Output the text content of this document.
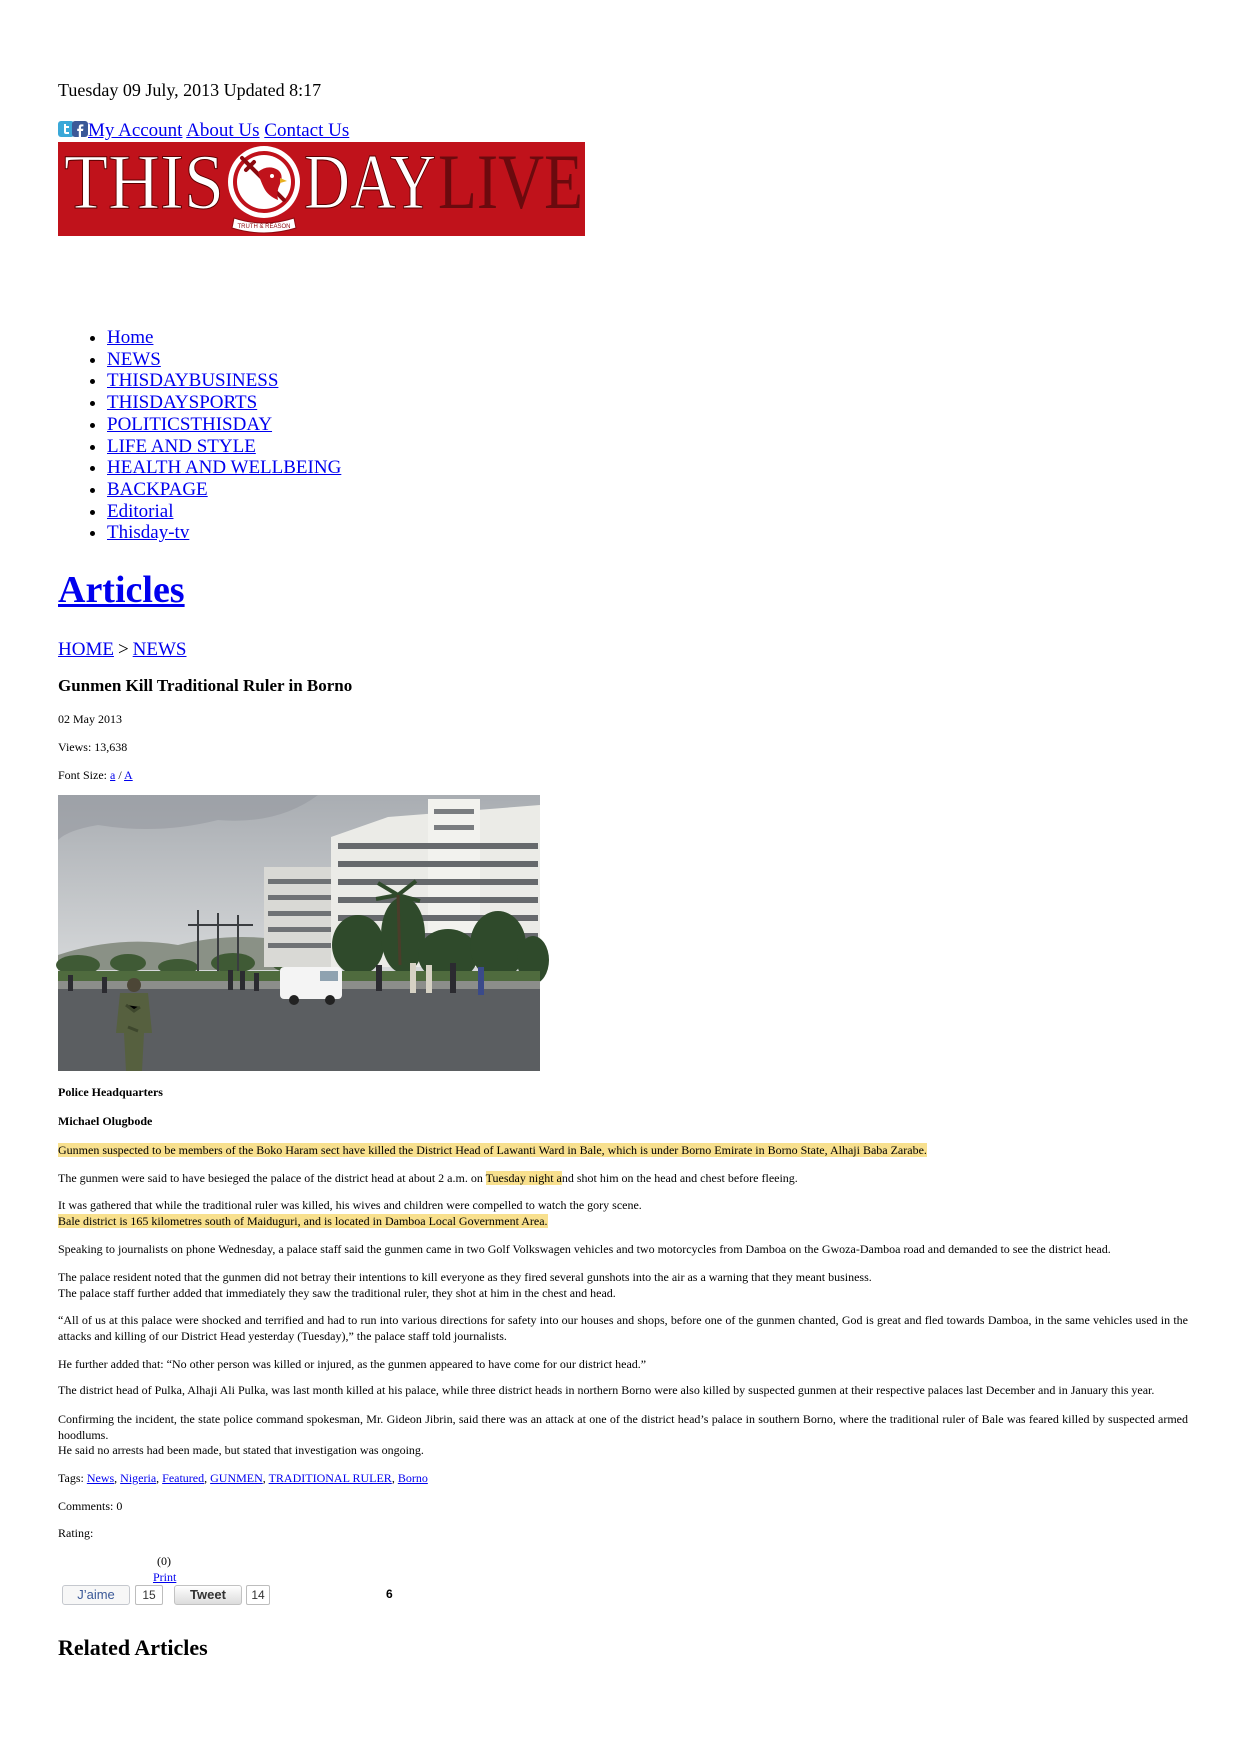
Tuesday 09 July, 2013 Updated 8:17
My Account About Us Contact Us
THIS
TRUTH & REASON
DAY LIVE
• Home
• NEWS
• THISDAYBUSINESS
• THISDAYSPORTS
• POLITICSTHISDAY
• LIFE AND STYLE
• HEALTH AND WELLBEING
• BACKPAGE
• Editorial
• Thisday-tv
Articles
HOME > NEWS
Gunmen Kill Traditional Ruler in Borno
02 May 2013
Views: 13,638
Font Size: a / A
Police Headquarters
Michael Olugbode
Gunmen suspected to be members of the Boko Haram sect have killed the District Head of Lawanti Ward in Bale, which is under Borno Emirate in Borno State, Alhaji Baba Zarabe.
The gunmen were said to have besieged the palace of the district head at about 2 a.m. on Tuesday night and shot him on the head and chest before fleeing.
It was gathered that while the traditional ruler was killed, his wives and children were compelled to watch the gory scene.
Bale district is 165 kilometres south of Maiduguri, and is located in Damboa Local Government Area.
Speaking to journalists on phone Wednesday, a palace staff said the gunmen came in two Golf Volkswagen vehicles and two motorcycles from Damboa on the Gwoza-Damboa road and demanded to see the district head.
The palace resident noted that the gunmen did not betray their intentions to kill everyone as they fired several gunshots into the air as a warning that they meant business.
The palace staff further added that immediately they saw the traditional ruler, they shot at him in the chest and head.
“All of us at this palace were shocked and terrified and had to run into various directions for safety into our houses and shops, before one of the gunmen chanted, God is great and fled towards Damboa, in the same vehicles used in the
attacks and killing of our District Head yesterday (Tuesday),” the palace staff told journalists.
He further added that: “No other person was killed or injured, as the gunmen appeared to have come for our district head.”
The district head of Pulka, Alhaji Ali Pulka, was last month killed at his palace, while three district heads in northern Borno were also killed by suspected gunmen at their respective palaces last December and in January this year.
Confirming the incident, the state police command spokesman, Mr. Gideon Jibrin, said there was an attack at one of the district head’s palace in southern Borno, where the traditional ruler of Bale was feared killed by suspected armed
hoodlums.
He said no arrests had been made, but stated that investigation was ongoing.
Tags: News, Nigeria, Featured, GUNMEN, TRADITIONAL RULER, Borno
Comments: 0
Rating:
(0)
Print
J’aime	15	Tweet	14	6
Related Articles
